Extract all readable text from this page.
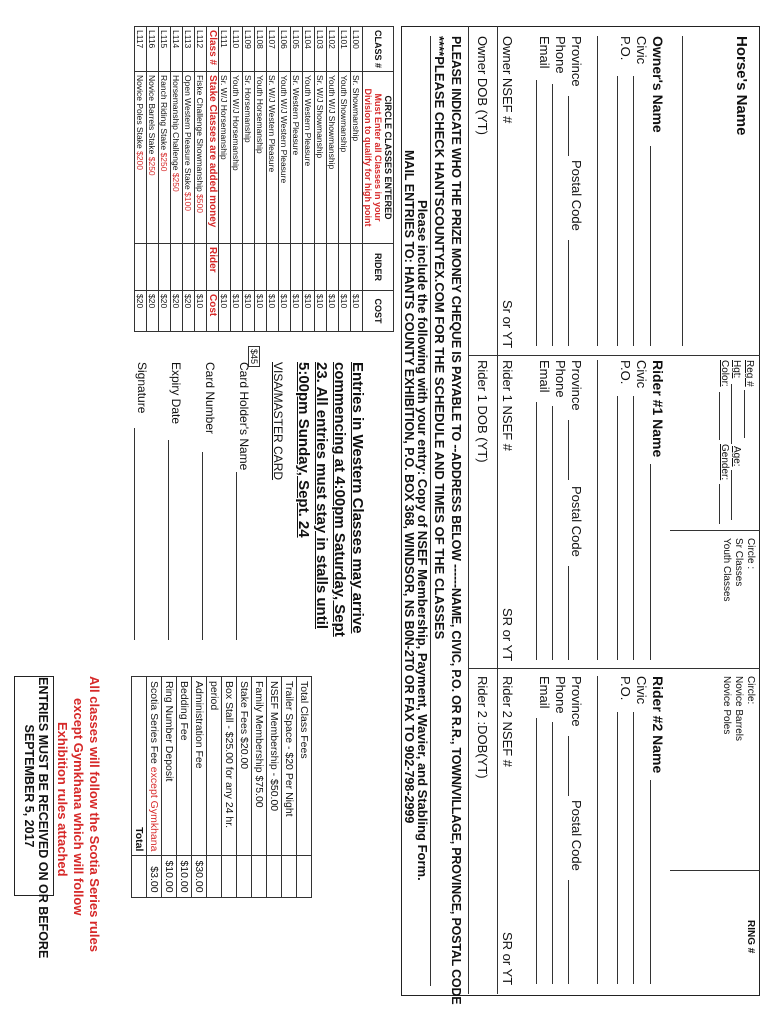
Horse's Name
Owner's Name
Civic
P.O.
Province
Postal Code
Phone
Email
Owner NSEF #
Sr or YT
Owner DOB (YT)
Reg #
Hgt:
Age:
Color:
Gender:
Circle :
Sr Classes
Youth Classes
Rider #1 Name
Civic
P.O.
Province
Postal Code
Phone
Email
Rider 1 NSEF #
SR or YT
Rider 1 DOB (YT)
Circle:
Novice Barrels
Novice Poles
RING #
Rider #2 Name
Civic
P.O.
Province
Postal Code
Phone
Email
Rider 2 NSEF #
SR or YT
Rider 2 :DOB(YT)
PLEASE INDICATE WHO THE PRIZE MONEY CHEQUE IS PAYABLE TO --ADDRESS BELOW ------NAME, CIVIC, P.O. OR R.R., TOWN/VILLAGE, PROVINCE, POSTAL CODE
****PLEASE CHECK HANTSCOUNTYEX.COM FOR THE SCHEDULE AND TIMES OF THE CLASSES
Please include the following with your entry: Copy of NSEF Membership, Payment, Wavier, and Stabling Form.
MAIL ENTRIES TO: HANTS COUNTY EXHIBITION, P.O. BOX 368, WINDSOR, NS B0N-2T0 OR FAX TO 902-798-2999
CLASS #	CIRCLE CLASSES ENTERED
Must Enter all Classes in your Division to qualify for high point	RIDER	COST
L100	Sr. Showmanship		$10
L101	Youth Showmanship		$10
L102	Youth W/J Showmanship		$10
L103	Sr. W/J Showmanship		$10
L104	Youth Western Pleasure		$10
L105	Sr. Western Pleasure		$10
L106	Youth W/J Western Pleasure		$10
L107	Sr. W/J Western Pleasure		$10
L108	Youth Horsemanship		$10
L109	Sr. Horsemanship		$10
L110	Youth W/J Horsemanship		$10
L111	Sr. W/J Horsemanship		$10
Class #	Stake Classes are added money	Rider	Cost
L112	Fiske Challenge Showmanship $500		$10
L113	Open Western Pleasure Stake $100		$20
L114	Horsemanship Challenge $250		$20
L115	Ranch Riding Stake $250		$20
L116	Novice Barrels Stake $250		$20
L117	Novice Poles Stake $200		$20
Entries in Western Classes may arrive
commencing at 4:00pm Saturday, Sept
23. All entries must stay in stalls until
5:00pm Sunday, Sept. 24
VISA/MASTER CARD
$45
Card Holder's Name
Card Number
Expiry Date
Signature
Total Class Fees	
Trailer Space - $20 Per Night	
NSEF Membership - $50.00	
Family Membership $75.00	
Stake Fees $20.00	
Box Stall - $25.00 for any 24 hr.	
period	
Administration Fee	$30.00
Bedding Fee	$10.00
Ring Number Deposit	$10.00
Scotia Series Fee except Gymkhana	$3.00
Total	
All classes will follow the Scotia Series rules
except Gymkhana which will follow
Exhibition rules attached
ENTRIES MUST BE RECEIVED ON OR BEFORE
SEPTEMBER 5, 2017
